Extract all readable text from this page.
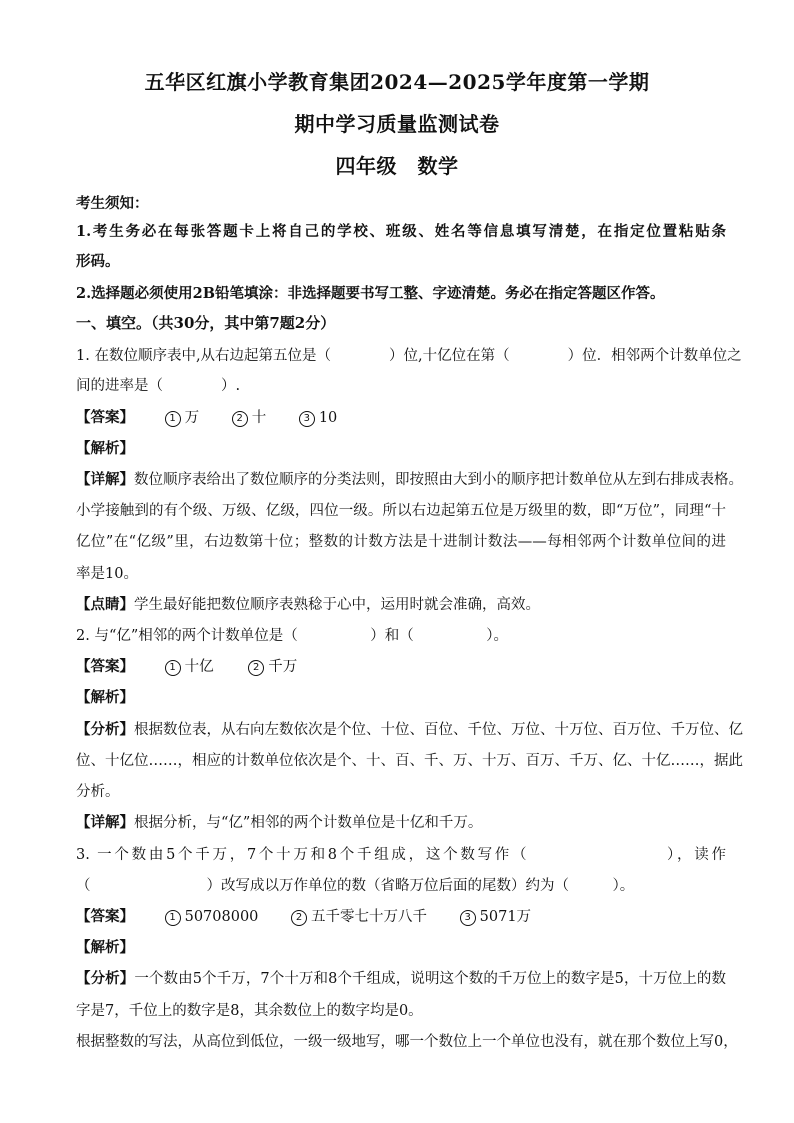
五华区红旗小学教育集团2024—2025学年度第一学期
期中学习质量监测试卷
四年级　数学
考生须知：
1.考生务必在每张答题卡上将自己的学校、班级、姓名等信息填写清楚，在指定位置粘贴条
形码。
2.选择题必须使用2B铅笔填涂：非选择题要书写工整、字迹清楚。务必在指定答题区作答。
一、填空。（共30分，其中第7题2分）
1. 在数位顺序表中,从右边起第五位是（　　　　）位,十亿位在第（　　　　）位．相邻两个计数单位之
间的进率是（　　　　）.
【答案】	1 万	2 十	3 10
【解析】
【详解】数位顺序表给出了数位顺序的分类法则，即按照由大到小的顺序把计数单位从左到右排成表格。
小学接触到的有个级、万级、亿级，四位一级。所以右边起第五位是万级里的数，即“万位”，同理“十
亿位”在“亿级”里，右边数第十位；整数的计数方法是十进制计数法——每相邻两个计数单位间的进
率是10。
【点睛】学生最好能把数位顺序表熟稔于心中，运用时就会准确，高效。
2. 与“亿”相邻的两个计数单位是（　　　　　）和（　　　　　）。
【答案】	1 十亿	2 千万
【解析】
【分析】根据数位表，从右向左数依次是个位、十位、百位、千位、万位、十万位、百万位、千万位、亿
位、十亿位……，相应的计数单位依次是个、十、百、千、万、十万、百万、千万、亿、十亿……，据此
分析。
【详解】根据分析，与“亿”相邻的两个计数单位是十亿和千万。
3. 一个数由5个千万，7个十万和8个千组成，这个数写作（　　　　　　　　），读作
（　　　　　　　　）改写成以万作单位的数（省略万位后面的尾数）约为（　　　）。
【答案】	1 50708000	2 五千零七十万八千	3 5071万
【解析】
【分析】一个数由5个千万，7个十万和8个千组成，说明这个数的千万位上的数字是5，十万位上的数
字是7，千位上的数字是8，其余数位上的数字均是0。
根据整数的写法，从高位到低位，一级一级地写，哪一个数位上一个单位也没有，就在那个数位上写0，
